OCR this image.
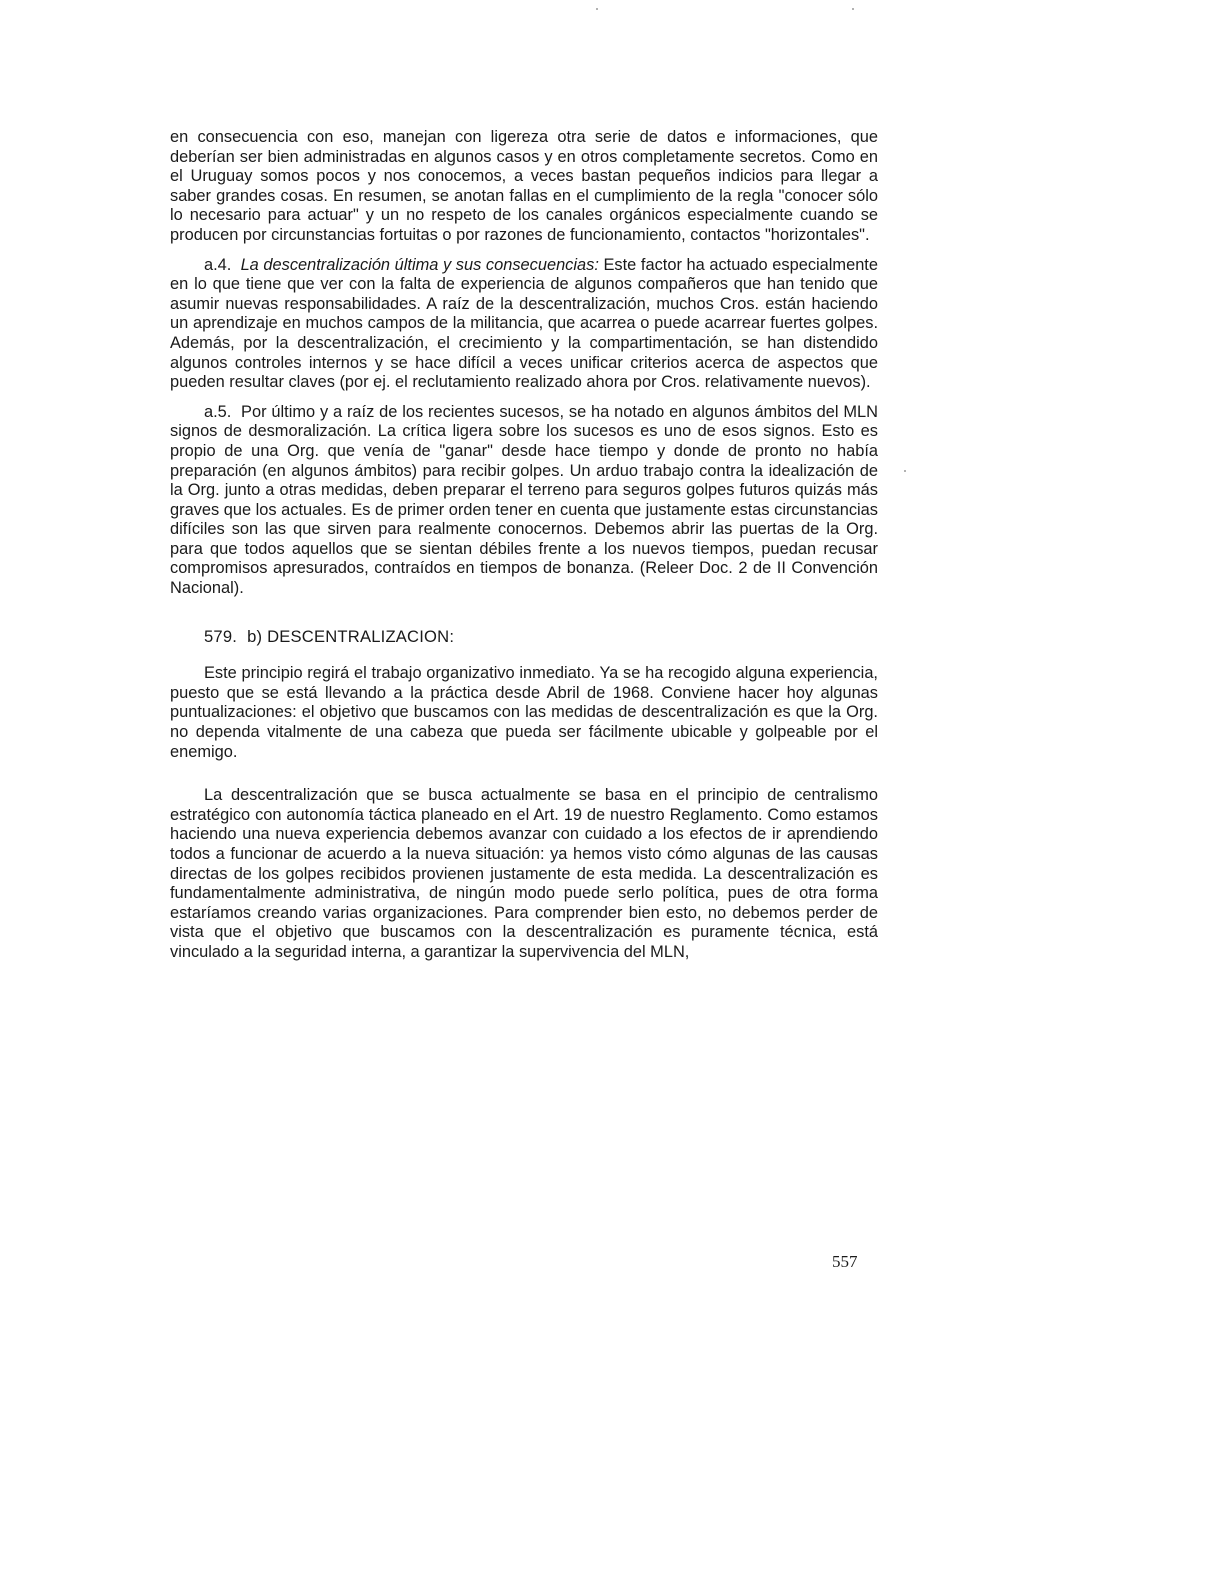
en consecuencia con eso, manejan con ligereza otra serie de datos e informaciones, que deberían ser bien administradas en algunos casos y en otros completamente secretos. Como en el Uruguay somos pocos y nos conocemos, a veces bastan pequeños indicios para llegar a saber grandes cosas. En resumen, se anotan fallas en el cumplimiento de la regla "conocer sólo lo necesario para actuar" y un no respeto de los canales orgánicos especialmente cuando se producen por circunstancias fortuitas o por razones de funcionamiento, contactos "horizontales".

a.4. La descentralización última y sus consecuencias: Este factor ha actuado especialmente en lo que tiene que ver con la falta de experiencia de algunos compañeros que han tenido que asumir nuevas responsabilidades. A raíz de la descentralización, muchos Cros. están haciendo un aprendizaje en muchos campos de la militancia, que acarrea o puede acarrear fuertes golpes. Además, por la descentralización, el crecimiento y la compartimentación, se han distendido algunos controles internos y se hace difícil a veces unificar criterios acerca de aspectos que pueden resultar claves (por ej. el reclutamiento realizado ahora por Cros. relativamente nuevos).

a.5. Por último y a raíz de los recientes sucesos, se ha notado en algunos ámbitos del MLN signos de desmoralización. La crítica ligera sobre los sucesos es uno de esos signos. Esto es propio de una Org. que venía de "ganar" desde hace tiempo y donde de pronto no había preparación (en algunos ámbitos) para recibir golpes. Un arduo trabajo contra la idealización de la Org. junto a otras medidas, deben preparar el terreno para seguros golpes futuros quizás más graves que los actuales. Es de primer orden tener en cuenta que justamente estas circunstancias difíciles son las que sirven para realmente conocernos. Debemos abrir las puertas de la Org. para que todos aquellos que se sientan débiles frente a los nuevos tiempos, puedan recusar compromisos apresurados, contraídos en tiempos de bonanza. (Releer Doc. 2 de II Convención Nacional).

579. b) DESCENTRALIZACION:

Este principio regirá el trabajo organizativo inmediato. Ya se ha recogido alguna experiencia, puesto que se está llevando a la práctica desde Abril de 1968. Conviene hacer hoy algunas puntualizaciones: el objetivo que buscamos con las medidas de descentralización es que la Org. no dependa vitalmente de una cabeza que pueda ser fácilmente ubicable y golpeable por el enemigo.

La descentralización que se busca actualmente se basa en el principio de centralismo estratégico con autonomía táctica planeado en el Art. 19 de nuestro Reglamento. Como estamos haciendo una nueva experiencia debemos avanzar con cuidado a los efectos de ir aprendiendo todos a funcionar de acuerdo a la nueva situación: ya hemos visto cómo algunas de las causas directas de los golpes recibidos provienen justamente de esta medida. La descentralización es fundamentalmente administrativa, de ningún modo puede serlo política, pues de otra forma estaríamos creando varias organizaciones. Para comprender bien esto, no debemos perder de vista que el objetivo que buscamos con la descentralización es puramente técnica, está vinculado a la seguridad interna, a garantizar la supervivencia del MLN,

557
